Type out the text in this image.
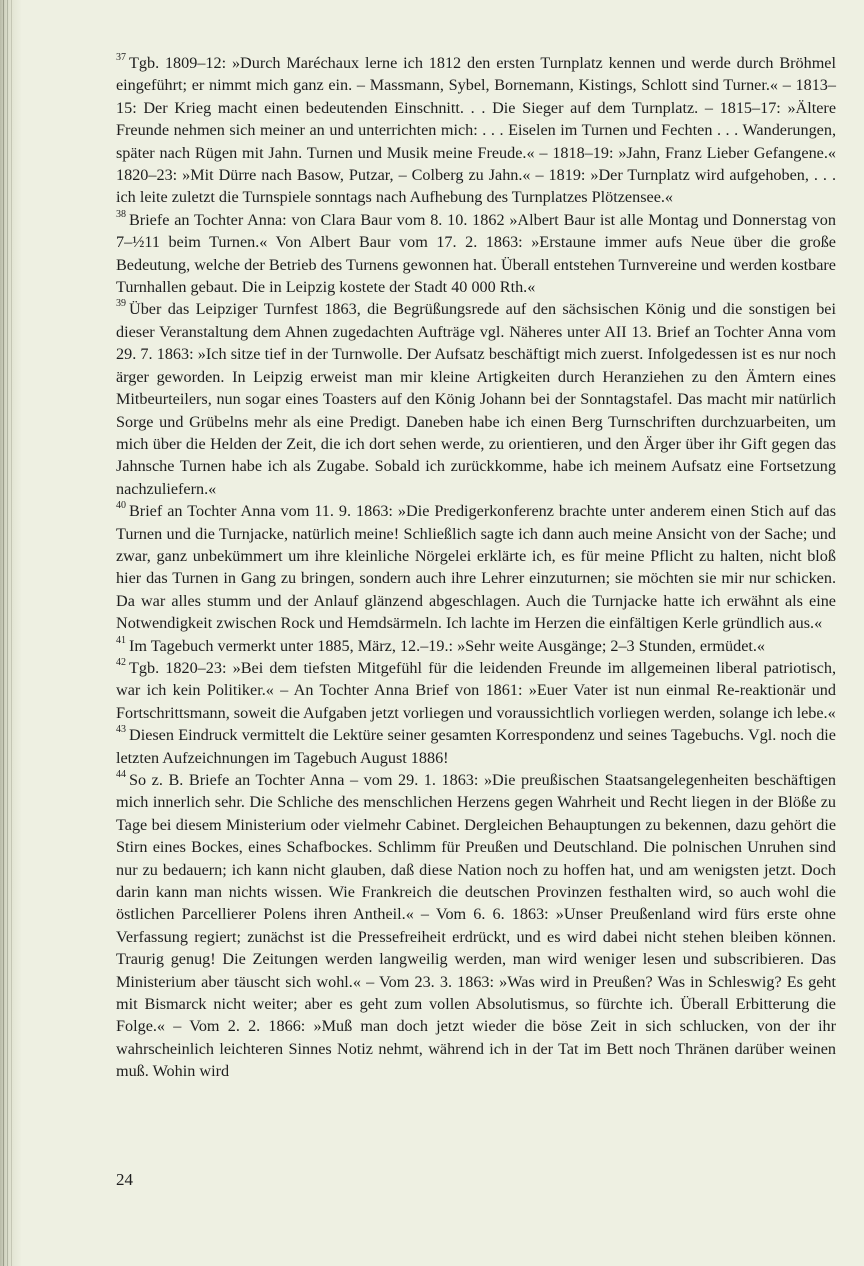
$^{37}$ Tgb. 1809–12: »Durch Maréchaux lerne ich 1812 den ersten Turnplatz kennen und werde durch Bröhmel eingeführt; er nimmt mich ganz ein. – Massmann, Sybel, Bornemann, Kistings, Schlott sind Turner.« – 1813–15: Der Krieg macht einen bedeutenden Einschnitt. . . Die Sieger auf dem Turnplatz. – 1815–17: »Ältere Freunde nehmen sich meiner an und unterrichten mich: . . . Eiselen im Turnen und Fechten . . . Wanderungen, später nach Rügen mit Jahn. Turnen und Musik meine Freude.« – 1818–19: »Jahn, Franz Lieber Gefangene.« 1820–23: »Mit Dürre nach Basow, Putzar, – Colberg zu Jahn.« – 1819: »Der Turnplatz wird aufgehoben, . . . ich leite zuletzt die Turnspiele sonntags nach Aufhebung des Turnplatzes Plötzensee.«

$^{38}$ Briefe an Tochter Anna: von Clara Baur vom 8. 10. 1862 »Albert Baur ist alle Montag und Donnerstag von 7–½11 beim Turnen.« Von Albert Baur vom 17. 2. 1863: »Erstaune immer aufs Neue über die große Bedeutung, welche der Betrieb des Turnens gewonnen hat. Überall entstehen Turnvereine und werden kostbare Turnhallen gebaut. Die in Leipzig kostete der Stadt 40 000 Rth.«

$^{39}$ Über das Leipziger Turnfest 1863, die Begrüßungsrede auf den sächsischen König und die sonstigen bei dieser Veranstaltung dem Ahnen zugedachten Aufträge vgl. Näheres unter AII 13. Brief an Tochter Anna vom 29. 7. 1863: »Ich sitze tief in der Turnwolle. Der Aufsatz beschäftigt mich zuerst. Infolgedessen ist es nur noch ärger geworden. In Leipzig erweist man mir kleine Artigkeiten durch Heranziehen zu den Ämtern eines Mitbeurteilers, nun sogar eines Toasters auf den König Johann bei der Sonntagstafel. Das macht mir natürlich Sorge und Grübelns mehr als eine Predigt. Daneben habe ich einen Berg Turnschriften durchzuarbeiten, um mich über die Helden der Zeit, die ich dort sehen werde, zu orientieren, und den Ärger über ihr Gift gegen das Jahnsche Turnen habe ich als Zugabe. Sobald ich zurückkomme, habe ich meinem Aufsatz eine Fortsetzung nachzuliefern.«

$^{40}$ Brief an Tochter Anna vom 11. 9. 1863: »Die Predigerkonferenz brachte unter anderem einen Stich auf das Turnen und die Turnjacke, natürlich meine! Schließlich sagte ich dann auch meine Ansicht von der Sache; und zwar, ganz unbekümmert um ihre kleinliche Nörgelei erklärte ich, es für meine Pflicht zu halten, nicht bloß hier das Turnen in Gang zu bringen, sondern auch ihre Lehrer einzuturnen; sie möchten sie mir nur schicken. Da war alles stumm und der Anlauf glänzend abgeschlagen. Auch die Turnjacke hatte ich erwähnt als eine Notwendigkeit zwischen Rock und Hemdsärmeln. Ich lachte im Herzen die einfältigen Kerle gründlich aus.«

$^{41}$ Im Tagebuch vermerkt unter 1885, März, 12.–19.: »Sehr weite Ausgänge; 2–3 Stunden, ermüdet.«

$^{42}$ Tgb. 1820–23: »Bei dem tiefsten Mitgefühl für die leidenden Freunde im allgemeinen liberal patriotisch, war ich kein Politiker.« – An Tochter Anna Brief von 1861: »Euer Vater ist nun einmal Re-reaktionär und Fortschrittsmann, soweit die Aufgaben jetzt vorliegen und voraussichtlich vorliegen werden, solange ich lebe.«

$^{43}$ Diesen Eindruck vermittelt die Lektüre seiner gesamten Korrespondenz und seines Tagebuchs. Vgl. noch die letzten Aufzeichnungen im Tagebuch August 1886!

$^{44}$ So z. B. Briefe an Tochter Anna – vom 29. 1. 1863: »Die preußischen Staatsangelegenheiten beschäftigen mich innerlich sehr. Die Schliche des menschlichen Herzens gegen Wahrheit und Recht liegen in der Blöße zu Tage bei diesem Ministerium oder vielmehr Cabinet. Dergleichen Behauptungen zu bekennen, dazu gehört die Stirn eines Bockes, eines Schafbockes. Schlimm für Preußen und Deutschland. Die polnischen Unruhen sind nur zu bedauern; ich kann nicht glauben, daß diese Nation noch zu hoffen hat, und am wenigsten jetzt. Doch darin kann man nichts wissen. Wie Frankreich die deutschen Provinzen festhalten wird, so auch wohl die östlichen Parcellierer Polens ihren Antheil.« – Vom 6. 6. 1863: »Unser Preußenland wird fürs erste ohne Verfassung regiert; zunächst ist die Pressefreiheit erdrückt, und es wird dabei nicht stehen bleiben können. Traurig genug! Die Zeitungen werden langweilig werden, man wird weniger lesen und subscribieren. Das Ministerium aber täuscht sich wohl.« – Vom 23. 3. 1863: »Was wird in Preußen? Was in Schleswig? Es geht mit Bismarck nicht weiter; aber es geht zum vollen Absolutismus, so fürchte ich. Überall Erbitterung die Folge.« – Vom 2. 2. 1866: »Muß man doch jetzt wieder die böse Zeit in sich schlucken, von der ihr wahrscheinlich leichteren Sinnes Notiz nehmt, während ich in der Tat im Bett noch Thränen darüber weinen muß. Wohin wird

24
